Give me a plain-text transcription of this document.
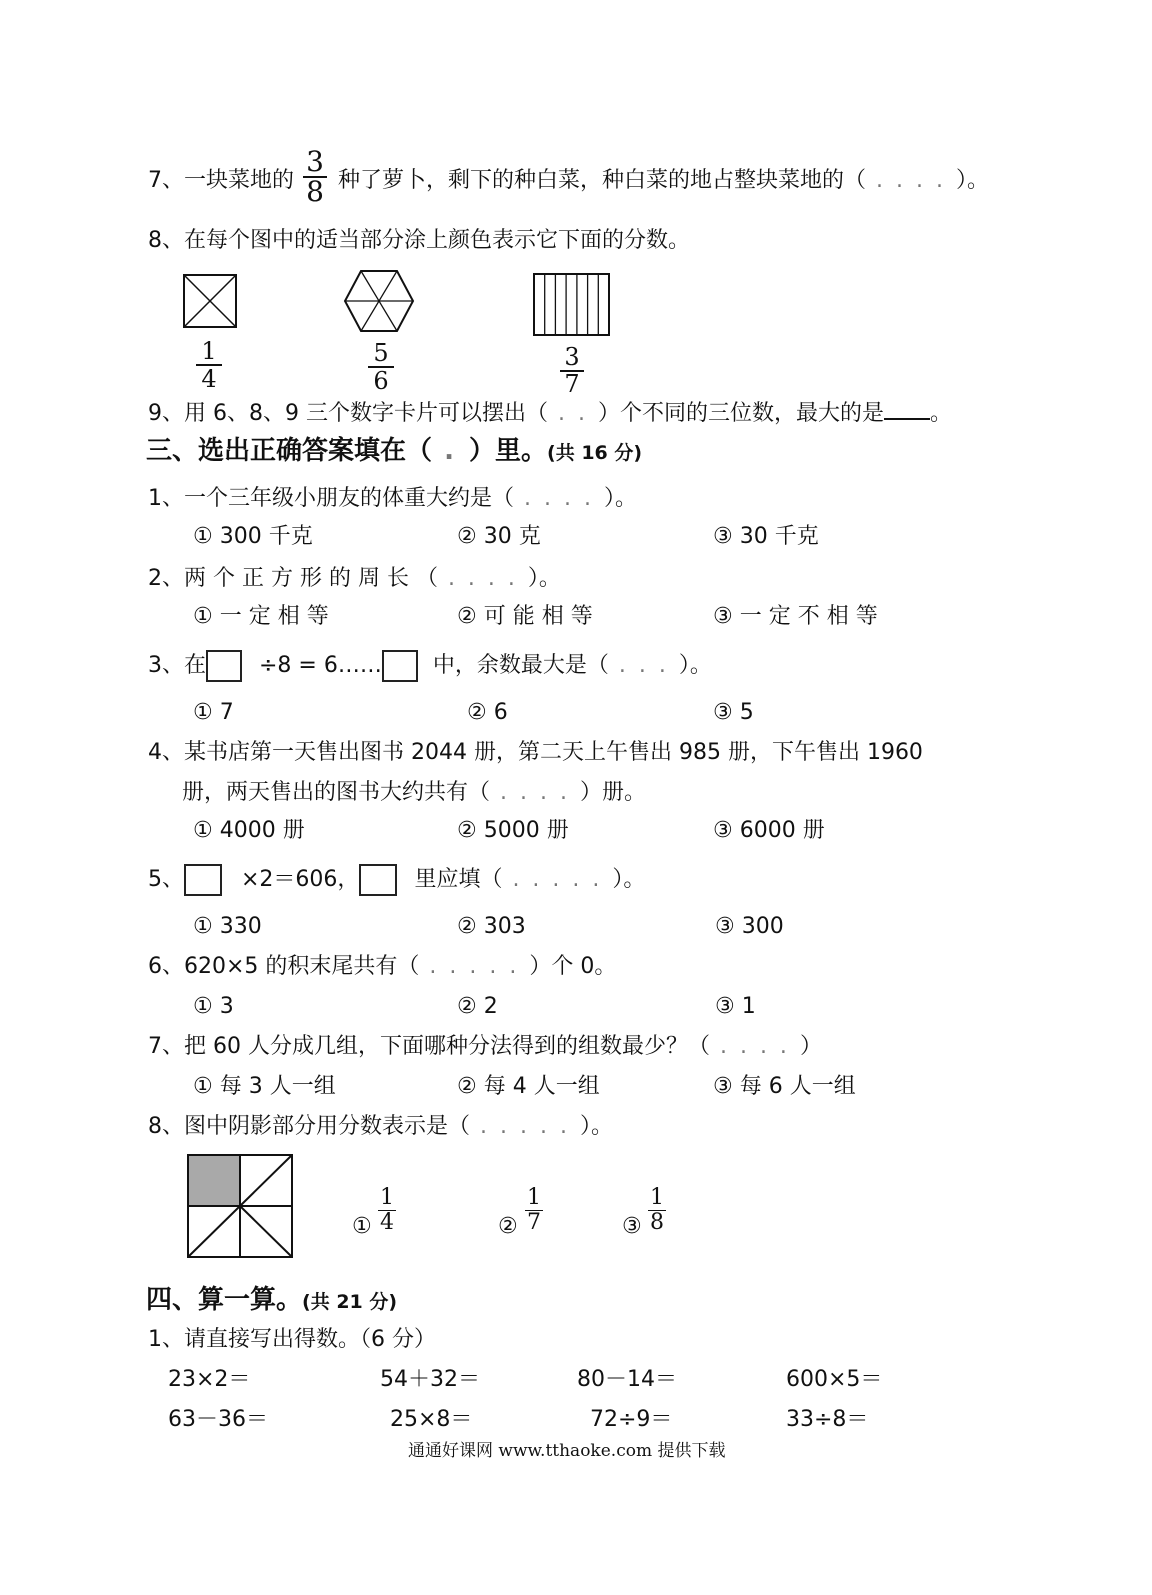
7、一块菜地的
3
8 种了萝卜，剩下的种白菜，种白菜的地占整块菜地的（ . . . . ）。
8、在每个图中的适当部分涂上颜色表示它下面的分数。
1
4
5
6
3
7
9、用 6、8、9 三个数字卡片可以摆出（ . . ）个不同的三位数，最大的是 。
三、选出正确答案填在（ . ）里。(共 16 分)
1、一个三年级小朋友的体重大约是（ . . . . ）。
① 300 千克	② 30 克	③ 30 千克
2、两 个 正 方 形 的 周 长 （ . . . . ）。
① 一 定 相 等	② 可 能 相 等	③ 一 定 不 相 等
3、在 ÷8 = 6…… 中，余数最大是（ . . . ）。
① 7	② 6	③ 5
4、某书店第一天售出图书 2044 册，第二天上午售出 985 册，下午售出 1960
册，两天售出的图书大约共有（ . . . . ）册。
① 4000 册	② 5000 册	③ 6000 册
5、	×2＝606，	里应填（ . . . . . ）。
① 330	② 303	③ 300
6、620×5 的积末尾共有（ . . . . . ）个 0。
① 3	② 2	③ 1
7、把 60 人分成几组，下面哪种分法得到的组数最少？（ . . . . ）
① 每 3 人一组	② 每 4 人一组	③ 每 6 人一组
8、图中阴影部分用分数表示是（ . . . . . ）。
①
1
4	②
1
7	③
1
8
四、算一算。(共 21 分)
1、请直接写出得数。（6 分）
23×2＝	54＋32＝	80－14＝	600×5＝
63－36＝	25×8＝	72÷9＝	33÷8＝
通通好课网 www.tthaoke.com 提供下载
